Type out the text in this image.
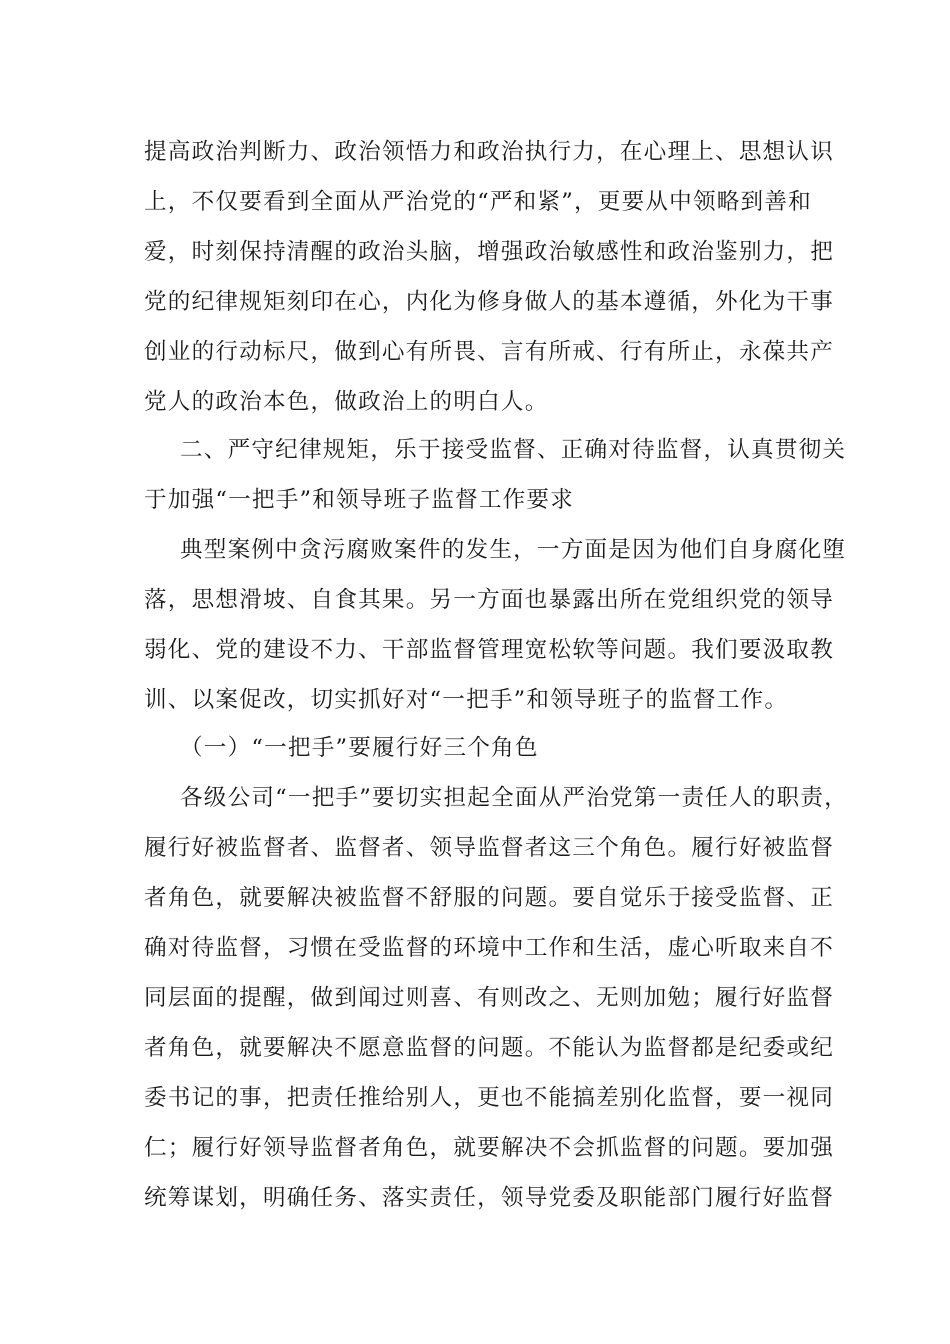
提高政治判断力、政治领悟力和政治执行力，在心理上、思想认识
上，不仅要看到全面从严治党的“严和紧”，更要从中领略到善和
爱，时刻保持清醒的政治头脑，增强政治敏感性和政治鉴别力，把
党的纪律规矩刻印在心，内化为修身做人的基本遵循，外化为干事
创业的行动标尺，做到心有所畏、言有所戒、行有所止，永葆共产
党人的政治本色，做政治上的明白人。
二、严守纪律规矩，乐于接受监督、正确对待监督，认真贯彻关
于加强“一把手”和领导班子监督工作要求
典型案例中贪污腐败案件的发生，一方面是因为他们自身腐化堕
落，思想滑坡、自食其果。另一方面也暴露出所在党组织党的领导
弱化、党的建设不力、干部监督管理宽松软等问题。我们要汲取教
训、以案促改，切实抓好对“一把手”和领导班子的监督工作。
（一）“一把手”要履行好三个角色
各级公司“一把手”要切实担起全面从严治党第一责任人的职责，
履行好被监督者、监督者、领导监督者这三个角色。履行好被监督
者角色，就要解决被监督不舒服的问题。要自觉乐于接受监督、正
确对待监督，习惯在受监督的环境中工作和生活，虚心听取来自不
同层面的提醒，做到闻过则喜、有则改之、无则加勉；履行好监督
者角色，就要解决不愿意监督的问题。不能认为监督都是纪委或纪
委书记的事，把责任推给别人，更也不能搞差别化监督，要一视同
仁；履行好领导监督者角色，就要解决不会抓监督的问题。要加强
统筹谋划，明确任务、落实责任，领导党委及职能部门履行好监督
